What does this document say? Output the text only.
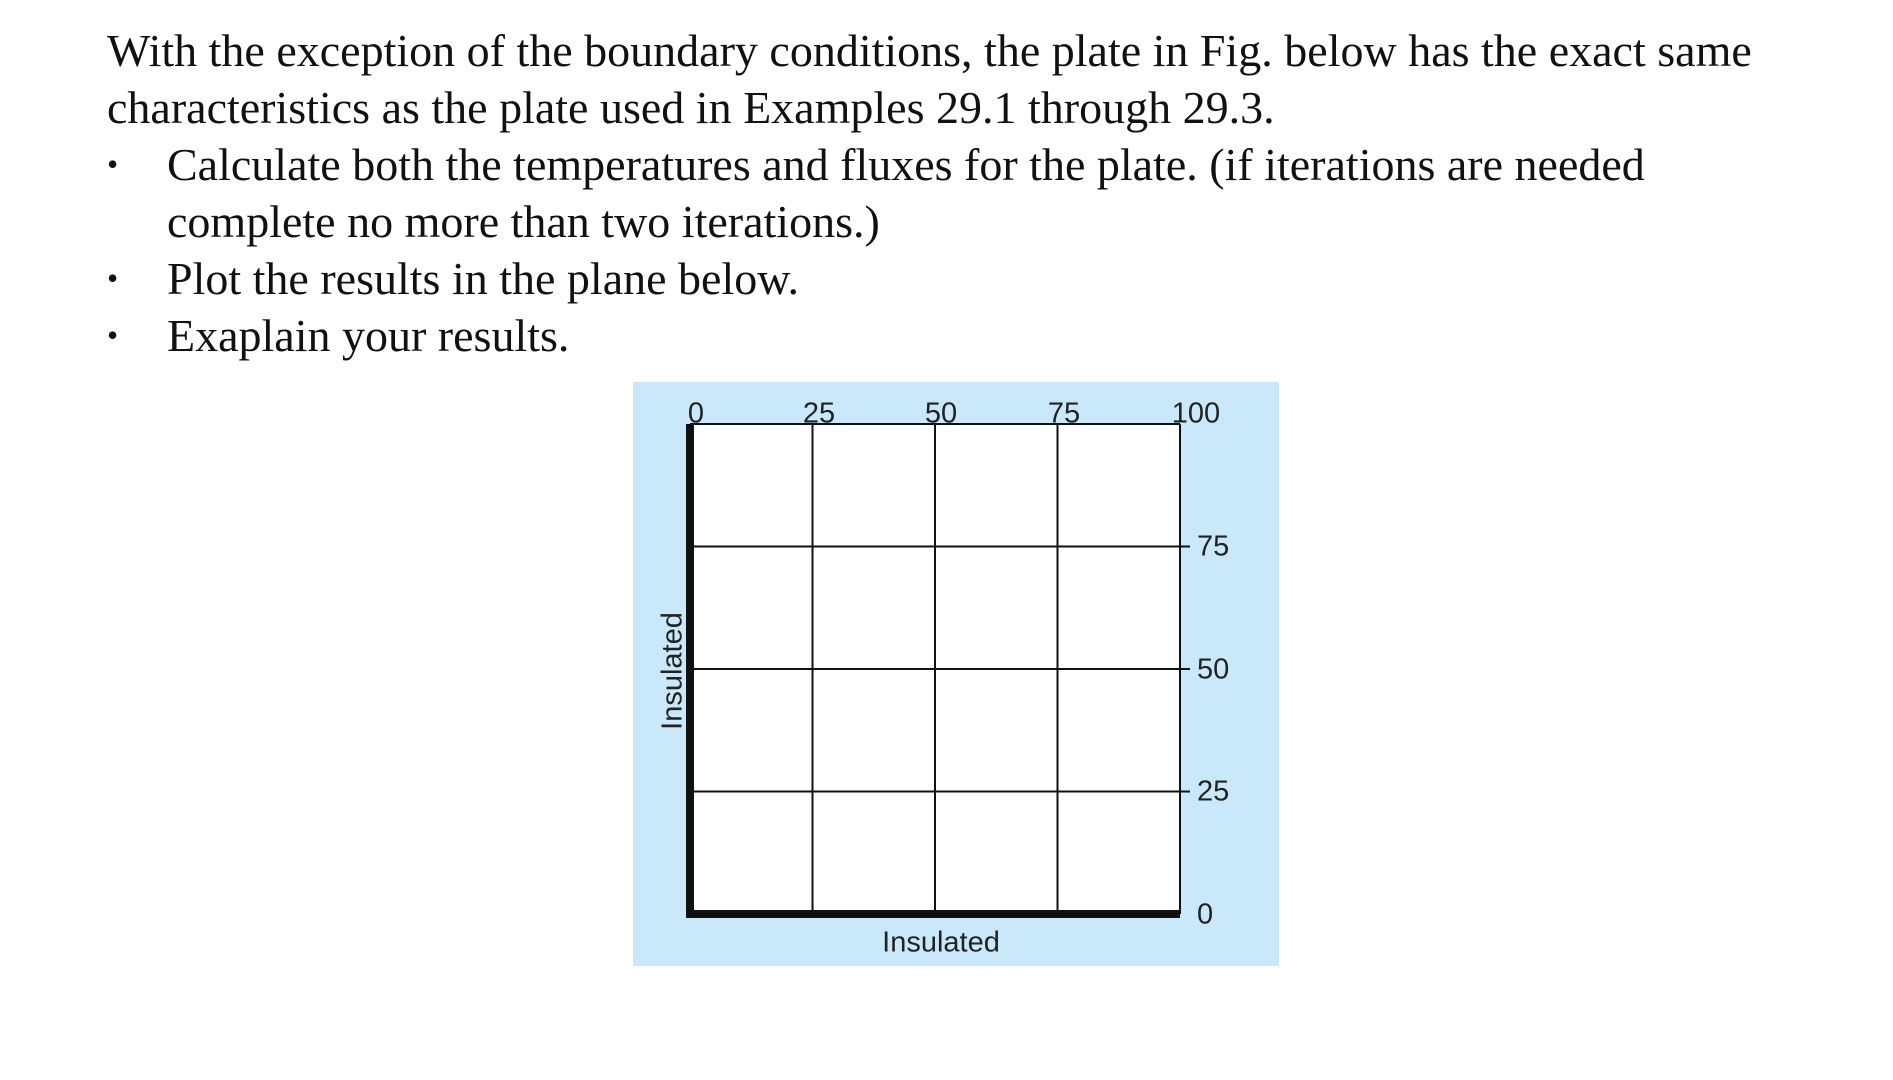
With the exception of the boundary conditions, the plate in Fig. below has the exact same
characteristics as the plate used in Examples 29.1 through 29.3.
• Calculate both the temperatures and fluxes for the plate. (if iterations are needed
complete no more than two iterations.)
• Plot the results in the plane below.
• Exaplain your results.
0	25	50	75	100
75
50
25
0
Insulated
Insulated
